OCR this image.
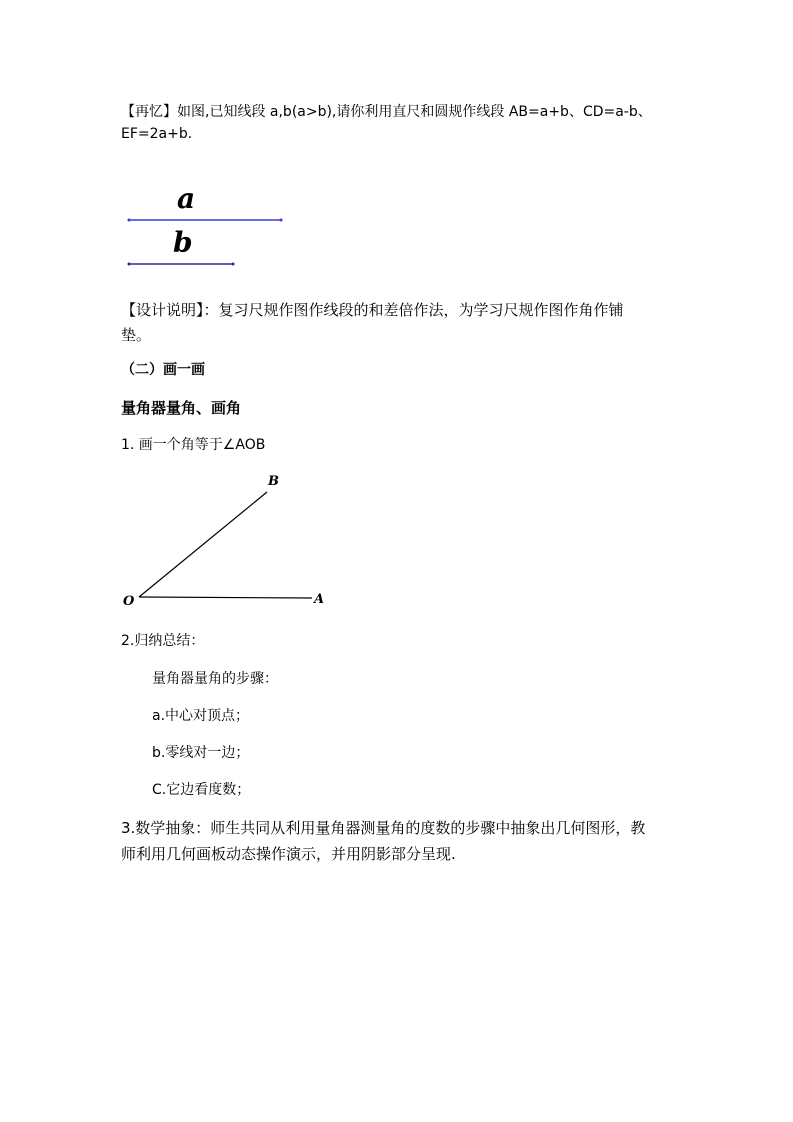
【再忆】如图,已知线段 a,b(a>b),请你利用直尺和圆规作线段 AB=a+b、CD=a-b、
EF=2a+b.
a
b
【设计说明】：复习尺规作图作线段的和差倍作法，为学习尺规作图作角作铺
垫。
（二）画一画
量角器量角、画角
1. 画一个角等于∠AOB
O	A
B
2.归纳总结：
量角器量角的步骤：
a.中心对顶点；
b.零线对一边；
C.它边看度数；
3.数学抽象：师生共同从利用量角器测量角的度数的步骤中抽象出几何图形，教
师利用几何画板动态操作演示，并用阴影部分呈现.
